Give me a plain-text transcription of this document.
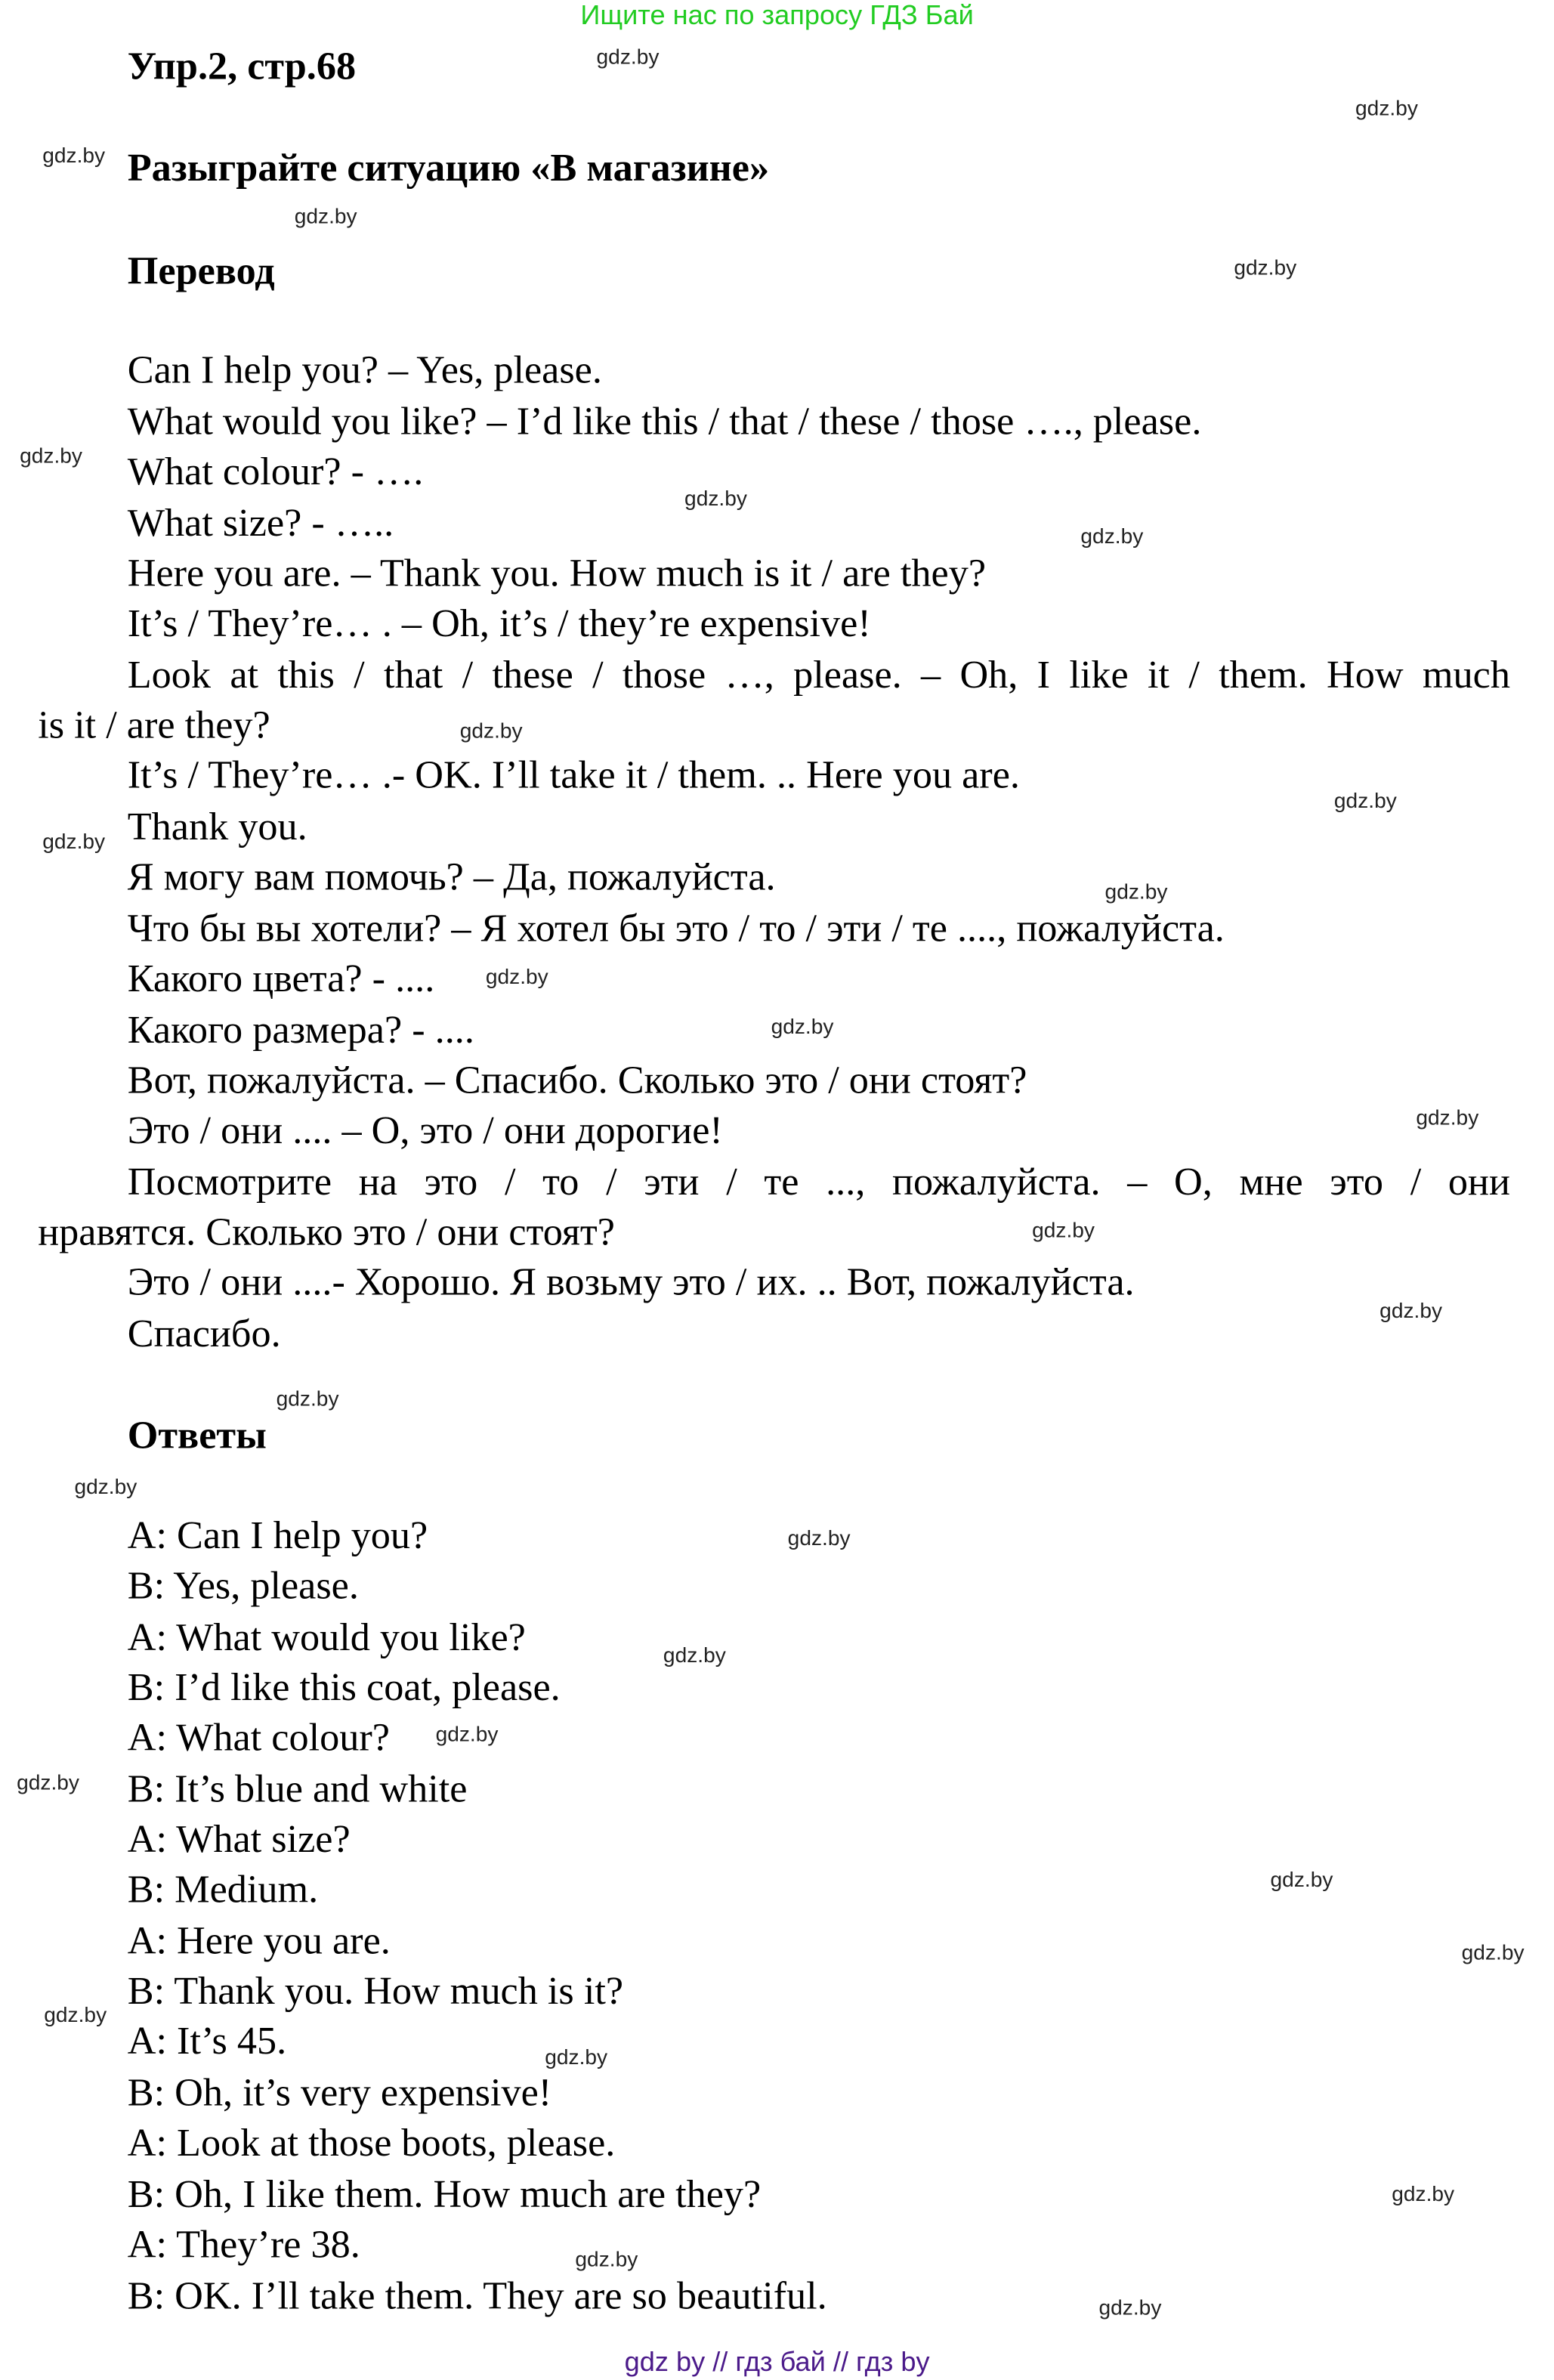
Ищите нас по запросу ГДЗ Бай
Упр.2, стр.68
Разыграйте ситуацию «В магазине»
Перевод
Can I help you? – Yes, please.
What would you like? – I’d like this / that / these / those …., please.
What colour? - ….
What size? - …..
Here you are. – Thank you. How much is it / are they?
It’s / They’re… . – Oh, it’s / they’re expensive!
Look at this / that / these / those …, please. – Oh, I like it / them. How much
is it / are they?
It’s / They’re… .- OK. I’ll take it / them. .. Here you are.
Thank you.
Я могу вам помочь? – Да, пожалуйста.
Что бы вы хотели? – Я хотел бы это / то / эти / те ...., пожалуйста.
Какого цвета? - ....
Какого размера? - ....
Вот, пожалуйста. – Спасибо. Сколько это / они стоят?
Это / они .... – О, это / они дорогие!
Посмотрите на это / то / эти / те ..., пожалуйста. – О, мне это / они
нравятся. Сколько это / они стоят?
Это / они ....- Хорошо. Я возьму это / их. .. Вот, пожалуйста.
Спасибо.
Ответы
A: Can I help you?
B: Yes, please.
A: What would you like?
B: I’d like this coat, please.
A: What colour?
B: It’s blue and white
A: What size?
B: Medium.
A: Here you are.
B: Thank you. How much is it?
A: It’s 45.
B: Oh, it’s very expensive!
A: Look at those boots, please.
B: Oh, I like them. How much are they?
A: They’re 38.
B: OK. I’ll take them. They are so beautiful.
gdz.by
gdz.by
gdz.by
gdz.by
gdz.by
gdz.by
gdz.by
gdz.by
gdz.by
gdz.by
gdz.by
gdz.by
gdz.by
gdz.by
gdz.by
gdz.by
gdz.by
gdz.by
gdz.by
gdz.by
gdz.by
gdz.by
gdz.by
gdz.by
gdz.by
gdz.by
gdz.by
gdz.by
gdz.by
gdz.by
gdz by // гдз бай // гдз by
